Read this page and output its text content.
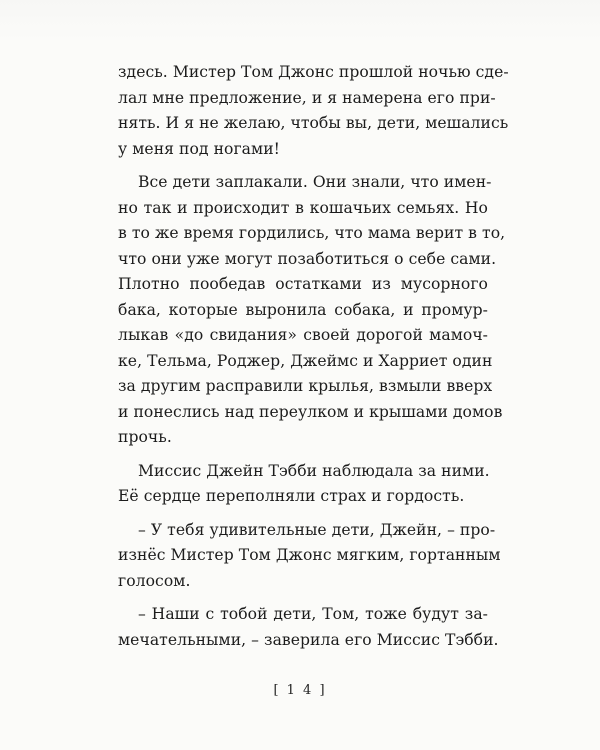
здесь. Мистер Том Джонс прошлой ночью сде-
лал мне предложение, и я намерена его при-
нять. И я не желаю, чтобы вы, дети, мешались
у меня под ногами!
Все дети заплакали. Они знали, что имен-
но так и происходит в кошачьих семьях. Но
в то же время гордились, что мама верит в то,
что они уже могут позаботиться о себе сами.
Плотно пообедав остатками из мусорного
бака, которые выронила собака, и промур-
лыкав «до свидания» своей дорогой мамоч-
ке, Тельма, Роджер, Джеймс и Харриет один
за другим расправили крылья, взмыли вверх
и понеслись над переулком и крышами домов
прочь.
Миссис Джейн Тэбби наблюдала за ними.
Её сердце переполняли страх и гордость.
– У тебя удивительные дети, Джейн, – про-
изнёс Мистер Том Джонс мягким, гортанным
голосом.
– Наши с тобой дети, Том, тоже будут за-
мечательными, – заверила его Миссис Тэбби.
[ 1 4 ]
